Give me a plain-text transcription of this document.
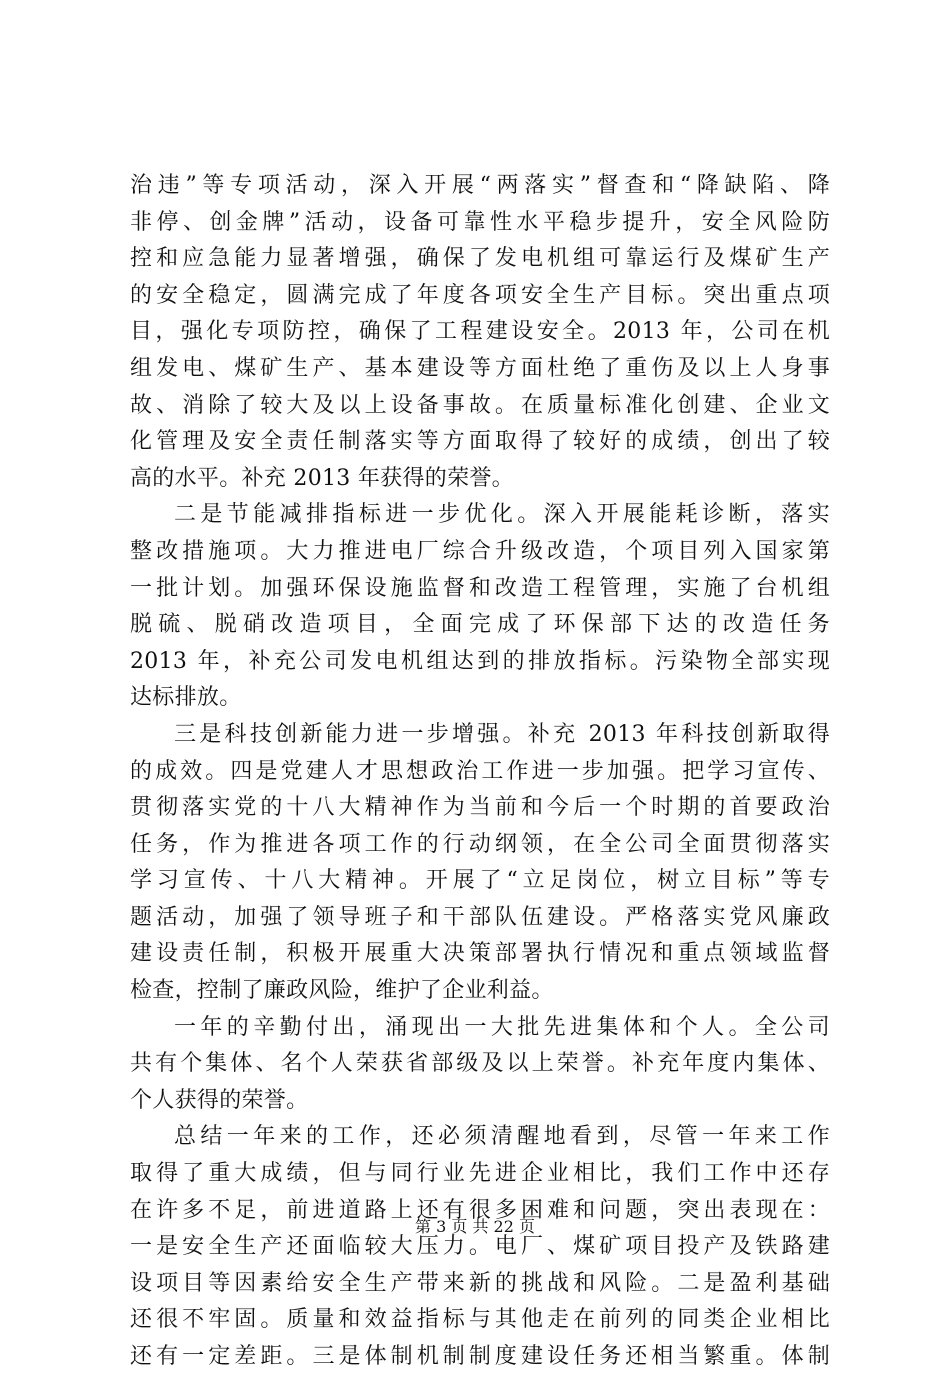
治违”等专项活动，深入开展“两落实”督查和“降缺陷、降
非停、创金牌”活动，设备可靠性水平稳步提升，安全风险防
控和应急能力显著增强，确保了发电机组可靠运行及煤矿生产
的安全稳定，圆满完成了年度各项安全生产目标。突出重点项
目，强化专项防控，确保了工程建设安全。2013 年，公司在机
组发电、煤矿生产、基本建设等方面杜绝了重伤及以上人身事
故、消除了较大及以上设备事故。在质量标准化创建、企业文
化管理及安全责任制落实等方面取得了较好的成绩，创出了较
高的水平。补充 2013 年获得的荣誉。
二是节能减排指标进一步优化。深入开展能耗诊断，落实
整改措施项。大力推进电厂综合升级改造，个项目列入国家第
一批计划。加强环保设施监督和改造工程管理，实施了台机组
脱硫、脱硝改造项目，全面完成了环保部下达的改造任务
2013 年，补充公司发电机组达到的排放指标。污染物全部实现
达标排放。
三是科技创新能力进一步增强。补充 2013 年科技创新取得
的成效。四是党建人才思想政治工作进一步加强。把学习宣传、
贯彻落实党的十八大精神作为当前和今后一个时期的首要政治
任务，作为推进各项工作的行动纲领，在全公司全面贯彻落实
学习宣传、十八大精神。开展了“立足岗位，树立目标”等专
题活动，加强了领导班子和干部队伍建设。严格落实党风廉政
建设责任制，积极开展重大决策部署执行情况和重点领域监督
检查，控制了廉政风险，维护了企业利益。
一年的辛勤付出，涌现出一大批先进集体和个人。全公司
共有个集体、名个人荣获省部级及以上荣誉。补充年度内集体、
个人获得的荣誉。
总结一年来的工作，还必须清醒地看到，尽管一年来工作
取得了重大成绩，但与同行业先进企业相比，我们工作中还存
在许多不足，前进道路上还有很多困难和问题，突出表现在：
一是安全生产还面临较大压力。电厂、煤矿项目投产及铁路建
设项目等因素给安全生产带来新的挑战和风险。二是盈利基础
还很不牢固。质量和效益指标与其他走在前列的同类企业相比
还有一定差距。三是体制机制制度建设任务还相当繁重。体制
第 3 页 共 22 页
